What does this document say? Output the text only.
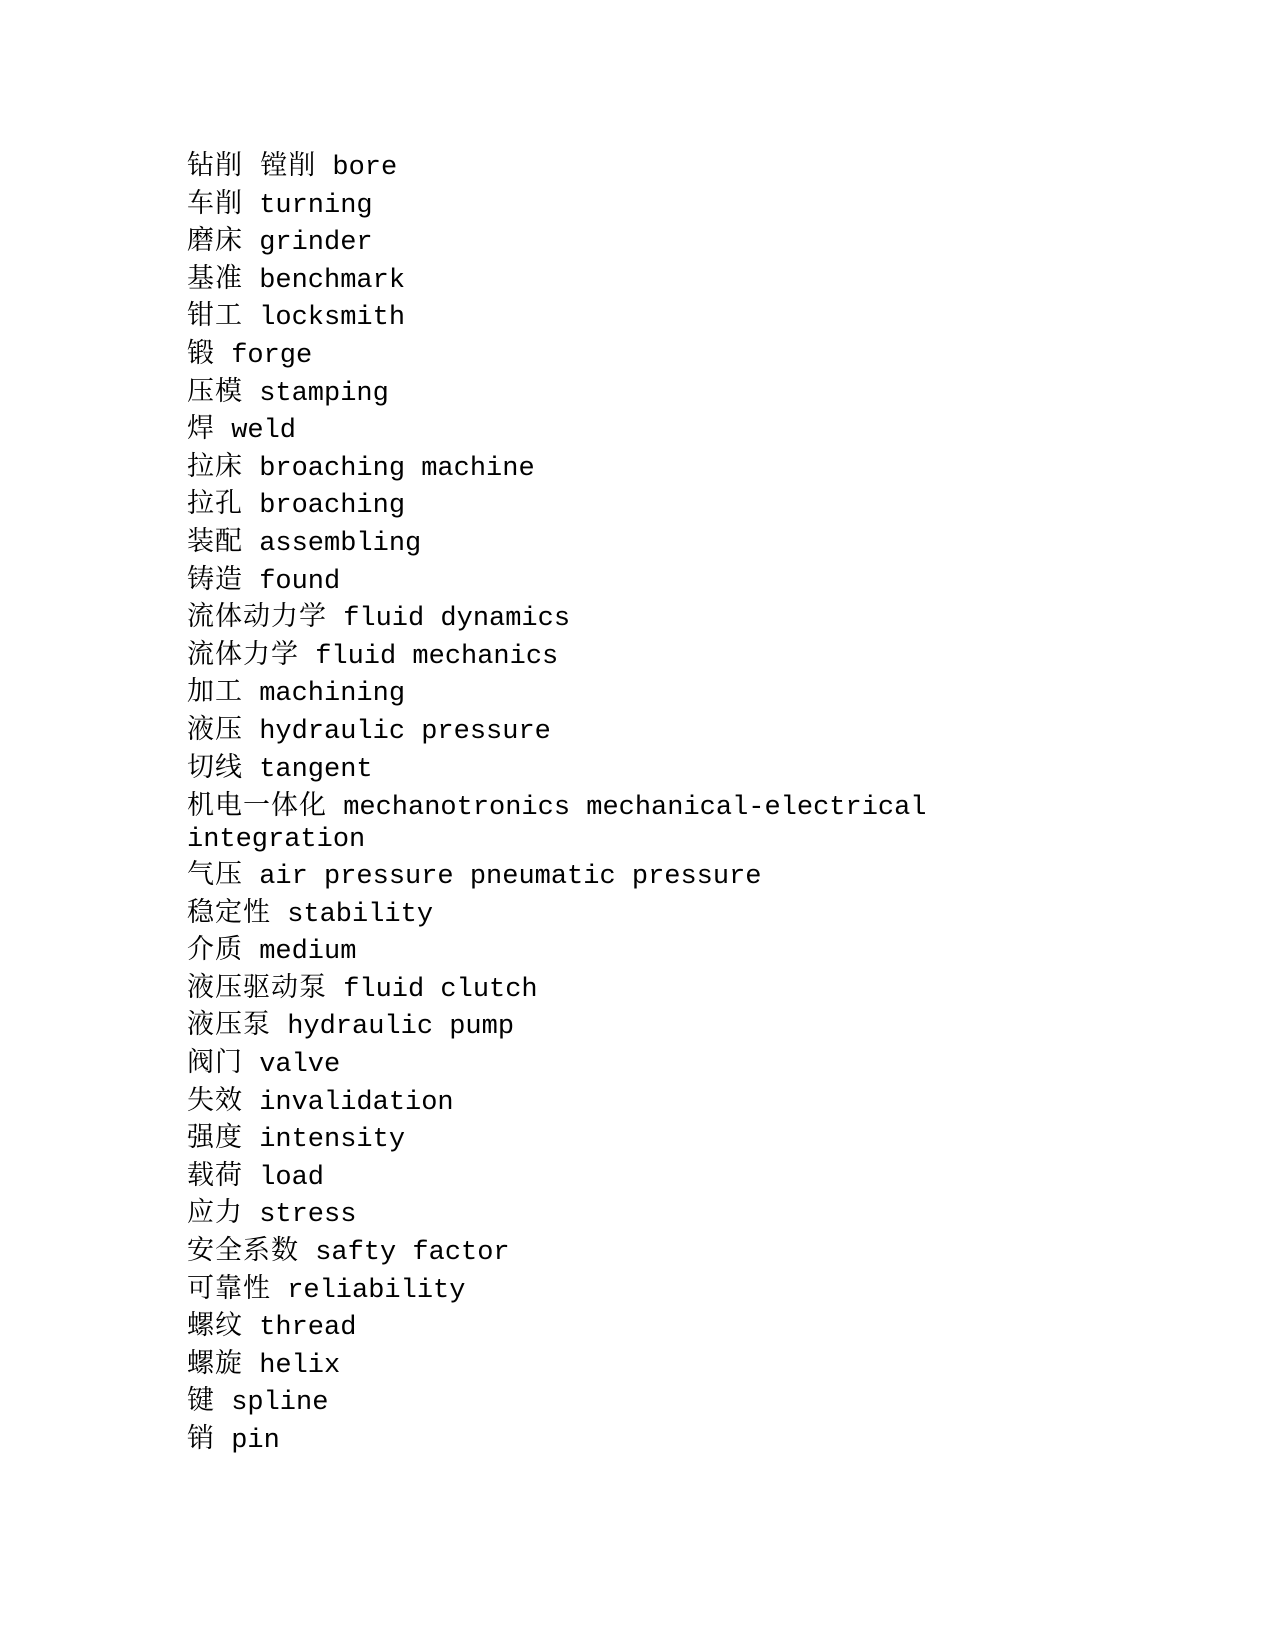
钻削 镗削 bore
车削 turning
磨床 grinder
基准 benchmark
钳工 locksmith
锻 forge
压模 stamping
焊 weld
拉床 broaching machine
拉孔 broaching
装配 assembling
铸造 found
流体动力学 fluid dynamics
流体力学 fluid mechanics
加工 machining
液压 hydraulic pressure
切线 tangent
机电一体化 mechanotronics mechanical-electrical integration
气压 air pressure pneumatic pressure
稳定性 stability
介质 medium
液压驱动泵 fluid clutch
液压泵 hydraulic pump
阀门 valve
失效 invalidation
强度 intensity
载荷 load
应力 stress
安全系数 safty factor
可靠性 reliability
螺纹 thread
螺旋 helix
键 spline
销 pin
